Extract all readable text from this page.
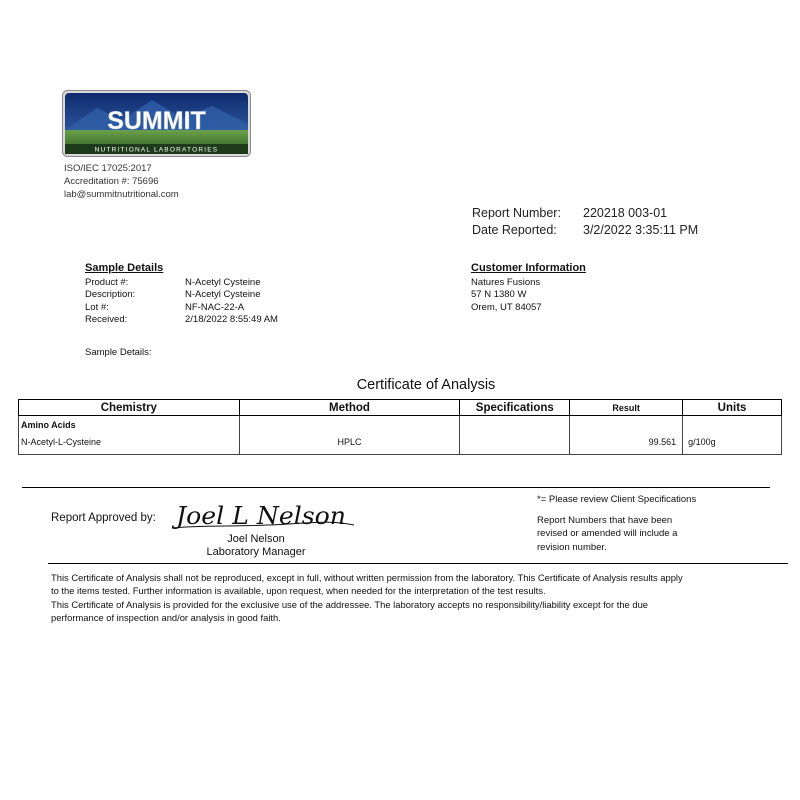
SUMMIT
NUTRITIONAL LABORATORIES
ISO/IEC 17025:2017
Accreditation #: 75696
lab@summitnutritional.com
Report Number:	220218 003-01
Date Reported:	3/2/2022 3:35:11 PM
Sample Details
Product #:	N-Acetyl Cysteine
Description:	N-Acetyl Cysteine
Lot #:	NF-NAC-22-A
Received:	2/18/2022 8:55:49 AM
Sample Details:
Customer Information
Natures Fusions
57 N 1380 W
Orem, UT 84057
Certificate of Analysis
Chemistry	Method	Specifications	Result	Units
Amino Acids				
N-Acetyl-L-Cysteine	HPLC		99.561	g/100g
Report Approved by: Joel L Nelson
Joel Nelson
Laboratory Manager
*= Please review Client Specifications
Report Numbers that have been
revised or amended will include a
revision number.
This Certificate of Analysis shall not be reproduced, except in full, without written permission from the laboratory. This Certificate of Analysis results apply
to the items tested. Further information is available, upon request, when needed for the interpretation of the test results.
This Certificate of Analysis is provided for the exclusive use of the addressee. The laboratory accepts no responsibility/liability except for the due
performance of inspection and/or analysis in good faith.
